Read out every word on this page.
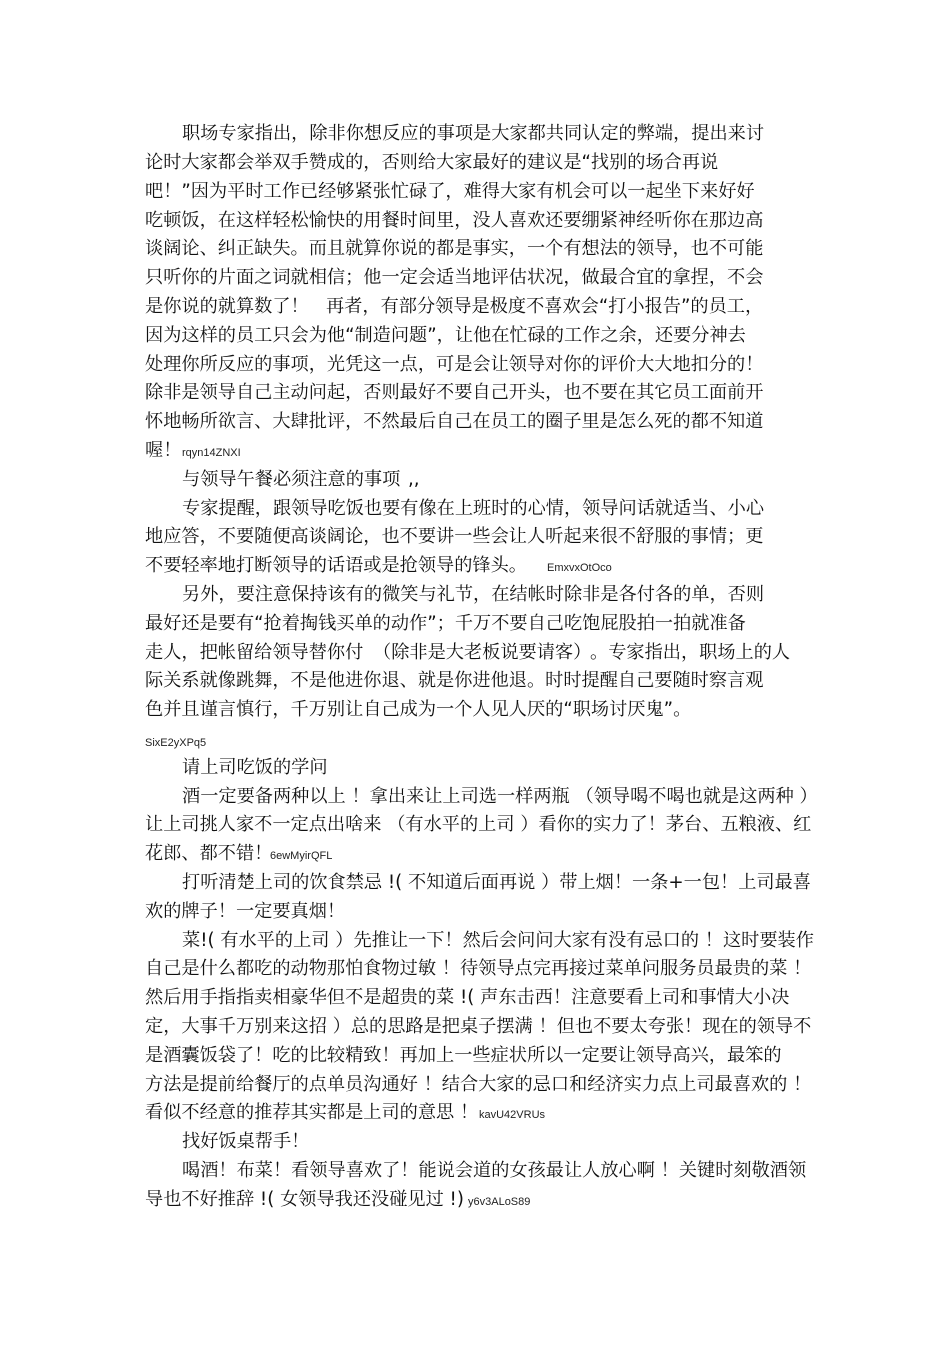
职场专家指出，除非你想反应的事项是大家都共同认定的弊端，提出来讨
论时大家都会举双手赞成的，否则给大家最好的建议是“找别的场合再说
吧！”因为平时工作已经够紧张忙碌了，难得大家有机会可以一起坐下来好好
吃顿饭，在这样轻松愉快的用餐时间里，没人喜欢还要绷紧神经听你在那边高
谈阔论、纠正缺失。而且就算你说的都是事实，一个有想法的领导，也不可能
只听你的片面之词就相信；他一定会适当地评估状况，做最合宜的拿捏，不会
是你说的就算数了！ 再者，有部分领导是极度不喜欢会“打小报告”的员工，
因为这样的员工只会为他“制造问题”，让他在忙碌的工作之余，还要分神去
处理你所反应的事项，光凭这一点，可是会让领导对你的评价大大地扣分的！
除非是领导自己主动问起，否则最好不要自己开头，也不要在其它员工面前开
怀地畅所欲言、大肆批评，不然最后自己在员工的圈子里是怎么死的都不知道
喔！ rqyn14ZNXI
与领导午餐必须注意的事项 ,,
专家提醒，跟领导吃饭也要有像在上班时的心情，领导问话就适当、小心
地应答，不要随便高谈阔论，也不要讲一些会让人听起来很不舒服的事情；更
不要轻率地打断领导的话语或是抢领导的锋头。 EmxvxOtOco
另外，要注意保持该有的微笑与礼节，在结帐时除非是各付各的单，否则
最好还是要有“抢着掏钱买单的动作”；千万不要自己吃饱屁股拍一拍就准备
走人，把帐留给领导替你付 （除非是大老板说要请客）
。专家指出，职场上的人
际关系就像跳舞，不是他进你退、就是你进他退。时时提醒自己要随时察言观
色并且谨言慎行，千万别让自己成为一个人见人厌的“职场讨厌鬼”。
SixE2yXPq5
请上司吃饭的学问
酒一定要备两种以上 ！拿出来让上司选一样两瓶 （领导喝不喝也就是这两种 ）
让上司挑人家不一定点出啥来 （有水平的上司 ）看你的实力了！茅台、五粮液、红
花郎、都不错！
6ewMyirQFL
打听清楚上司的饮食禁忌 !( 不知道后面再说 ）带上烟！一条+一包！上司最喜
欢的牌子！一定要真烟！
菜!( 有水平的上司 ）先推让一下！然后会问问大家有没有忌口的 ！这时要装作
自己是什么都吃的动物那怕食物过敏 ！待领导点完再接过菜单问服务员最贵的菜 ！
然后用手指指卖相豪华但不是超贵的菜 !( 声东击西！注意要看上司和事情大小决
定，大事千万别来这招 ）总的思路是把桌子摆满 ！但也不要太夸张！现在的领导不
是酒囊饭袋了！吃的比较精致！再加上一些症状所以一定要让领导高兴，最笨的
方法是提前给餐厅的点单员沟通好 ！结合大家的忌口和经济实力点上司最喜欢的 ！
看似不经意的推荐其实都是上司的意思 ！ kavU42VRUs
找好饭桌帮手！
喝酒！布菜！看领导喜欢了！能说会道的女孩最让人放心啊 ！关键时刻敬酒领
导也不好推辞 !( 女领导我还没碰见过 !) y6v3ALoS89
